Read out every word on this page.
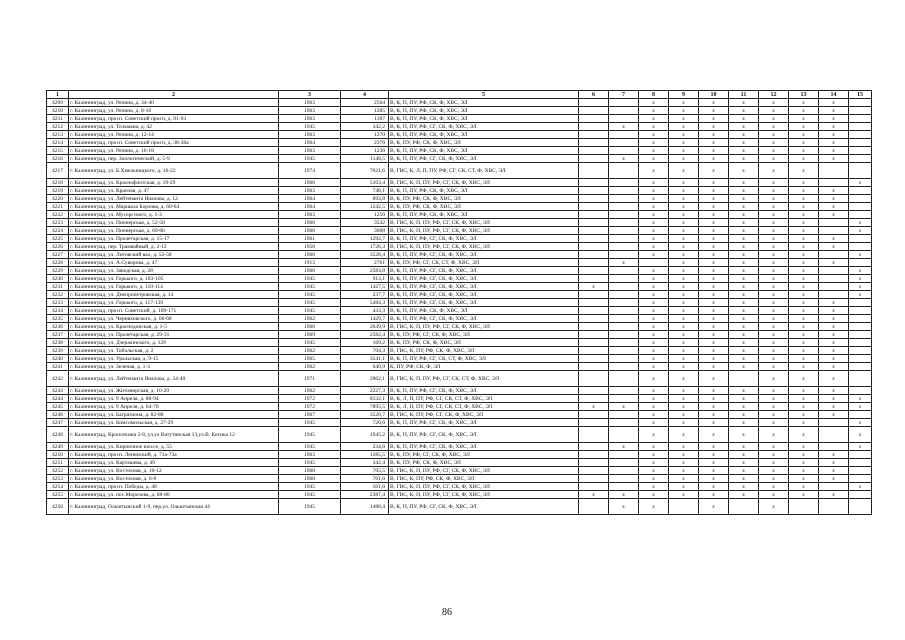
1	2	3	4	5	6	7	8	9	10	11	12	13	14	15
4209	г. Калининград, ул. Репина, д. 34-40	1963	2564	В, К, П, ПУ, РФ, СК, Ф, ХВС, ЭЛ			x	x	x	x	x	x	x	
4210	г. Калининград, ул. Репина, д. 8-10	1963	1285	В, К, П, ПУ, РФ, СК, Ф, ХВС, ЭЛ			x	x	x	x	x	x	x	
4211	г. Калининград, просп. Советский просп, д. 91-93	1963	1187	В, К, П, ПУ, РФ, СК, Ф, ХВС, ЭЛ			x	x	x	x	x	x	x	
4212	г. Калининград, ул. Тельмана, д. 42	1945	342,2	В, К, П, ПУ, РФ, СГ, СК, Ф, ХВС, ЭЛ		x	x	x	x	x	x	x	x	
4213	г. Калининград, ул. Репина, д. 12-14	1963	1270	В, К, П, ПУ, РФ, СК, Ф, ХВС, ЭЛ			x	x	x	x	x	x	x	
4214	г. Калининград, просп. Советский просп, д. 38-38а	1964	2376	В, К, ПУ, РФ, СК, Ф, ХВС, ЭЛ			x	x	x	x	x	x	x	
4215	г. Калининград, ул. Репина, д. 16-18	1963	1236	В, К, П, ПУ, РФ, СК, Ф, ХВС, ЭЛ			x	x	x	x	x	x	x	
4216	г. Калининград, пер. Зоологический, д. 5-9	1945	1148,5	В, К, П, ПУ, РФ, СГ, СК, Ф, ХВС, ЭЛ		x	x	x	x	x	x	x	x	
4217	г. Калининград, ул. Б.Хмельницкого, д. 16-22	1974	7621,6	В, ГВС, К, Л, П, ПУ, РФ, СГ, СК, СТ, Ф, ХВС, ЭЛ			x	x	x	x	x	x		
4218	г. Калининград, ул. Краснофлотская, д. 19-29	1966	5103,4	В, ГВС, К, П, ПУ, РФ, СГ, СК, Ф, ХВС, ЭЛ			x	x	x	x	x	x		x
4219	г. Калининград, ул. Красная, д. 47	1963	748,1	В, К, П, ПУ, РФ, СК, Ф, ХВС, ЭЛ			x	x	x	x	x	x	x	
4220	г. Калининград, ул. Лейтенанта Яналова, д. 12	1964	893,8	В, К, ПУ, РФ, СК, Ф, ХВС, ЭЛ			x	x	x	x	x	x	x	
4221	г. Калининград, ул. Маршала Борзова, д. 60-64	1964	1242,5	В, К, ПУ, РФ, СК, Ф, ХВС, ЭЛ			x	x	x	x	x	x	x	
4222	г. Калининград, ул. Мусоргского, д. 1-3	1963	1256	В, К, П, ПУ, РФ, СК, Ф, ХВС, ЭЛ			x	x	x	x	x	x	x	
4223	г. Калининград, ул. Пионерская, д. 52-58	1968	3542	В, ГВС, К, П, ПУ, РФ, СГ, СК, Ф, ХВС, ЭЛ			x	x	x	x	x	x		x
4224	г. Калининград, ул. Пионерская, д. 60-66	1968	3608	В, ГВС, К, П, ПУ, РФ, СГ, СК, Ф, ХВС, ЭЛ			x	x	x	x	x	x		x
4225	г. Калининград, ул. Пролетарская, д. 15-17	1961	1292,7	В, К, П, ПУ, РФ, СГ, СК, Ф, ХВС, ЭЛ			x	x	x	x	x	x	x	
4226	г. Калининград, пер. Трамвайный, д. 2-12	1958	1726,3	В, ГВС, К, П, ПУ, РФ, СГ, СК, Ф, ХВС, ЭЛ			x	x	x	x	x	x	x	
4227	г. Калининград, ул. Литовский вал, д. 52-58	1968	3528,4	В, К, П, ПУ, РФ, СГ, СК, Ф, ХВС, ЭЛ			x	x	x	x	x	x		x
4228	г. Калининград, ул. А.Суворова, д. 47	1913	2761	В, К, ПУ, РФ, СГ, СК, СТ, Ф, ХВС, ЭЛ		x		x	x	x	x	x	x	
4229	г. Калининград, ул. Заводская, д. 28	1968	2583,8	В, К, П, ПУ, РФ, СГ, СК, Ф, ХВС, ЭЛ			x	x	x	x	x	x		x
4230	г. Калининград, ул. Горького, д. 103-105	1945	913,1	В, К, П, ПУ, РФ, СГ, СК, Ф, ХВС, ЭЛ			x	x	x	x	x	x		x
4231	г. Калининград, ул. Горького, д. 110-114	1945	1427,5	В, К, П, ПУ, РФ, СГ, СК, Ф, ХВС, ЭЛ	x		x	x	x	x	x	x		x
4232	г. Калининград, ул. Днепропетровская, д. 14	1945	237,7	В, К, П, ПУ, РФ, СГ, СК, Ф, ХВС, ЭЛ			x	x	x	x	x	x		x
4233	г. Калининград, ул. Горького, д. 117-139	1945	5484,3	В, К, П, ПУ, РФ, СГ, СК, Ф, ХВС, ЭЛ			x	x	x	x	x	x	x	
4234	г. Калининград, просп. Советский, д. 169-171	1945	433,3	В, К, П, ПУ, РФ, СК, Ф, ХВС, ЭЛ			x	x	x	x	x	x	x	
4235	г. Калининград, ул. Черняховского, д. 66-68	1962	1429,7	В, К, П, ПУ, РФ, СГ, СК, Ф, ХВС, ЭЛ			x	x	x	x	x	x	x	
4236	г. Калининград, ул. Краснодонская, д. 1-5	1968	2639,9	В, ГВС, К, П, ПУ, РФ, СГ, СК, Ф, ХВС, ЭЛ			x	x	x	x	x	x	x	
4237	г. Калининград, ул. Пролетарская, д. 29-31	1969	2582,4	В, К, ПУ, РФ, СГ, СК, Ф, ХВС, ЭЛ			x	x	x	x	x	x	x	
4238	г. Калининград, ул. Дзержинского, д. 129	1945	169,2	В, К, ПУ, РФ, СК, Ф, ХВС, ЭЛ			x	x	x	x	x	x	x	
4239	г. Калининград, ул. Тобольская, д. 2	1962	704,3	В, ГВС, К, ПУ, РФ, СК, Ф, ХВС, ЭЛ			x	x	x	x	x	x	x	
4240	г. Калининград, ул. Уральская, д. 9-15	1965	3541,1	В, К, П, ПУ, РФ, СГ, СК, СТ, Ф, ХВС, ЭЛ			x	x	x	x	x	x	x	
4241	г. Калининград, ул. Зеленая, д. 1-3	1962	640,9	К, ПУ, РФ, СК, Ф, ЭЛ			x	x	x	x	x	x	x	
4242	г. Калининград, ул. Лейтенанта Яналова, д. 34-40	1971	2862,1	В, ГВС, К, П, ПУ, РФ, СГ, СК, СТ, Ф, ХВС, ЭЛ			x	x	x		x	x	x	
4243	г. Калининград, ул. Житомирская, д. 16-20	1962	2227,3	В, К, П, ПУ, РФ, СГ, СК, Ф, ХВС, ЭЛ			x	x	x	x	x	x	x	
4244	г. Калининград, ул. 9 Апреля, д. 88-94	1972	8132,1	В, К, Л, П, ПУ, РФ, СГ, СК, СТ, Ф, ХВС, ЭЛ			x	x	x	x	x	x	x	x
4245	г. Калининград, ул. 9 Апреля, д. 64-70	1972	7895,5	В, К, Л, П, ПУ, РФ, СГ, СК, СТ, Ф, ХВС, ЭЛ	x	x	x	x	x	x	x	x	x	x
4246	г. Калининград, ул. Багратиона, д. 82-88	1967	3520,7	В, ГВС, К, ПУ, РФ, СГ, СК, Ф, ХВС, ЭЛ			x	x	x	x	x	x	x	
4247	г. Калининград, ул. Комсомольская, д. 27-29	1945	720,6	В, К, П, ПУ, РФ, СГ, СК, Ф, ХВС, ЭЛ			x	x	x	x	x	x		x
4248	г. Калининград, Кропоткина 2-8, ул.ул Ватутинская 13,ул.В. Котика 12	1945	1945,2	В, К, П, ПУ, РФ, СГ, СК, Ф, ХВС, ЭЛ			x	x	x	x	x	x		x
4249	г. Калининград, ул. Кирпичное шоссе, д. 55	1945	234,6	В, К, П, ПУ, РФ, СГ, СК, Ф, ХВС, ЭЛ		x	x	x	x	x	x	x		x
4250	г. Калининград, просп. Ленинский, д. 71а-73а	1963	1285,5	В, К, ПУ, РФ, СГ, СК, Ф, ХВС, ЭЛ			x	x	x	x	x	x	x	
4251	г. Калининград, ул. Карташева, д. 49	1945	342,4	В, К, ПУ, РФ, СК, Ф, ХВС, ЭЛ			x	x	x	x	x	x	x	
4252	г. Калининград, ул. Восточная, д. 10-12	1960	705,5	В, ГВС, К, П, ПУ, РФ, СГ, СК, Ф, ХВС, ЭЛ			x	x	x	x	x	x	x	
4253	г. Калининград, ул. Восточная, д. 6-8	1960	701,6	В, ГВС, К, ПУ, РФ, СК, Ф, ХВС, ЭЛ			x	x	x	x	x	x	x	
4254	г. Калининград, просп. Победы, д. 48	1945	501,6	В, ГВС, К, П, ПУ, РФ, СГ, СК, Ф, ХВС, ЭЛ			x	x	x	x	x	x		x
4255	г. Калининград, ул. пос.Морозова, д. 68-80	1945	2387,4	В, ГВС, К, П, ПУ, РФ, СГ, СК, Ф, ХВС, ЭЛ	x	x	x	x	x	x	x	x	x	
4256	г. Калининград, Ольштынский 1-9, пер.ул. Ольштынская 44	1945	1488,4	В, К, П, ПУ, РФ, СГ, СК, Ф, ХВС, ЭЛ		x	x		x		x			
86
